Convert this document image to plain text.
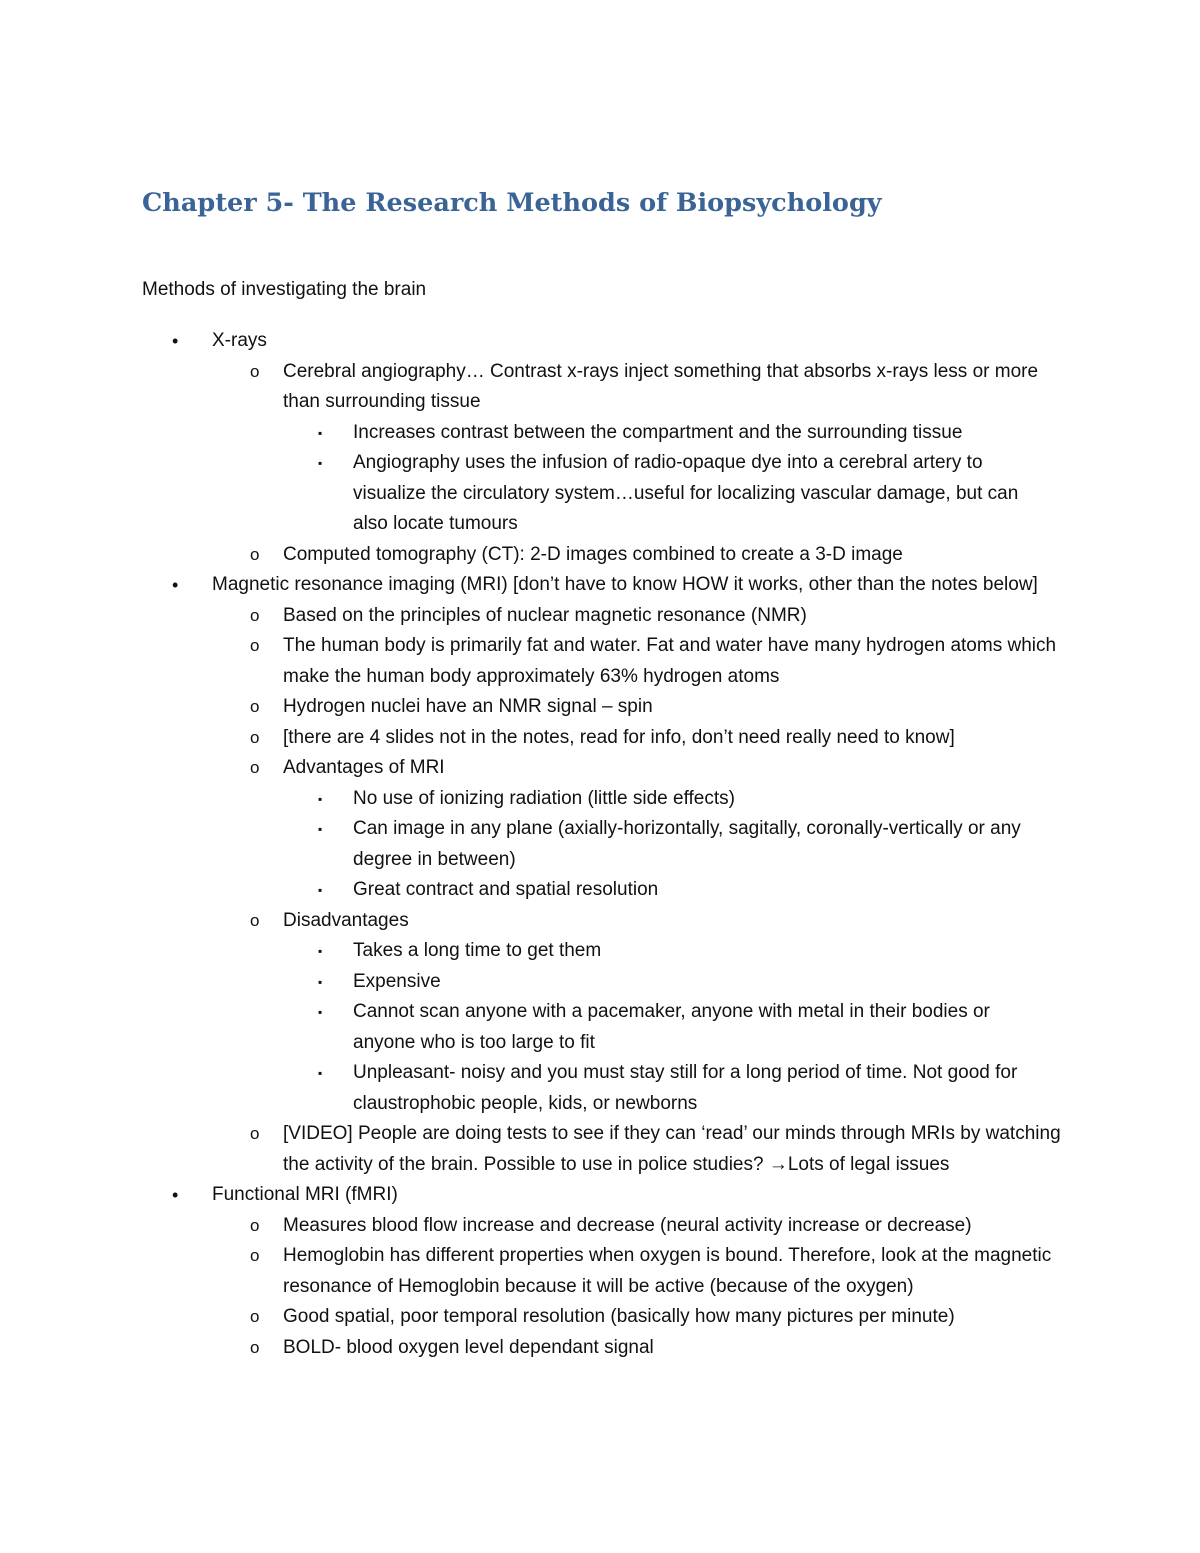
Chapter 5- The Research Methods of Biopsychology

Methods of investigating the brain

• X-rays
o Cerebral angiography… Contrast x-rays inject something that absorbs x-rays less or more than surrounding tissue
▪ Increases contrast between the compartment and the surrounding tissue
▪ Angiography uses the infusion of radio-opaque dye into a cerebral artery to visualize the circulatory system…useful for localizing vascular damage, but can also locate tumours
o Computed tomography (CT): 2-D images combined to create a 3-D image
• Magnetic resonance imaging (MRI) [don’t have to know HOW it works, other than the notes below]
o Based on the principles of nuclear magnetic resonance (NMR)
o The human body is primarily fat and water. Fat and water have many hydrogen atoms which make the human body approximately 63% hydrogen atoms
o Hydrogen nuclei have an NMR signal – spin
o [there are 4 slides not in the notes, read for info, don’t need really need to know]
o Advantages of MRI
▪ No use of ionizing radiation (little side effects)
▪ Can image in any plane (axially-horizontally, sagitally, coronally-vertically or any degree in between)
▪ Great contract and spatial resolution
o Disadvantages
▪ Takes a long time to get them
▪ Expensive
▪ Cannot scan anyone with a pacemaker, anyone with metal in their bodies or anyone who is too large to fit
▪ Unpleasant- noisy and you must stay still for a long period of time. Not good for claustrophobic people, kids, or newborns
o [VIDEO] People are doing tests to see if they can ‘read’ our minds through MRIs by watching the activity of the brain. Possible to use in police studies? →Lots of legal issues
• Functional MRI (fMRI)
o Measures blood flow increase and decrease (neural activity increase or decrease)
o Hemoglobin has different properties when oxygen is bound. Therefore, look at the magnetic resonance of Hemoglobin because it will be active (because of the oxygen)
o Good spatial, poor temporal resolution (basically how many pictures per minute)
o BOLD- blood oxygen level dependant signal
